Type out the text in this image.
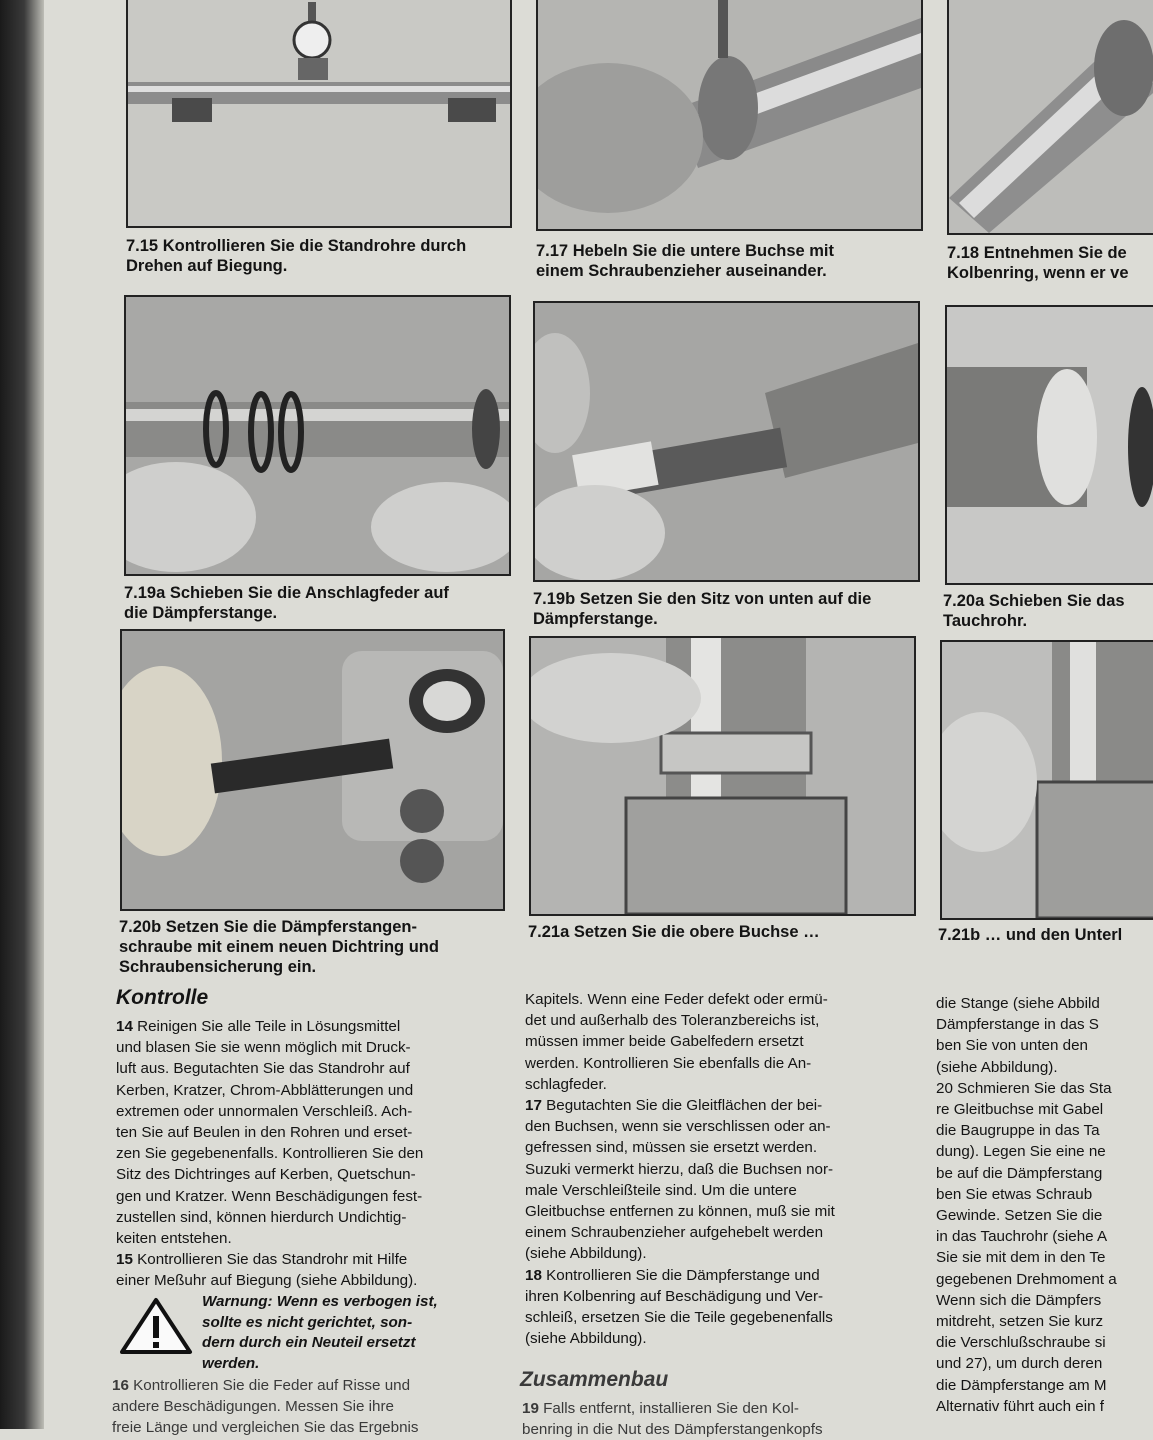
7.15 Kontrollieren Sie die Standrohre durch
Drehen auf Biegung.
7.17 Hebeln Sie die untere Buchse mit
einem Schraubenzieher auseinander.
7.18 Entnehmen Sie de
Kolbenring, wenn er ve
7.19a Schieben Sie die Anschlagfeder auf
die Dämpferstange.
7.19b Setzen Sie den Sitz von unten auf die
Dämpferstange.
7.20a Schieben Sie das
Tauchrohr.
7.20b Setzen Sie die Dämpferstangen-
schraube mit einem neuen Dichtring und
Schraubensicherung ein.
7.21a Setzen Sie die obere Buchse …	7.21b … und den Unterl
Kontrolle

14 Reinigen Sie alle Teile in Lösungsmittel
und blasen Sie sie wenn möglich mit Druck-
luft aus. Begutachten Sie das Standrohr auf
Kerben, Kratzer, Chrom-Abblätterungen und
extremen oder unnormalen Verschleiß. Ach-
ten Sie auf Beulen in den Rohren und erset-
zen Sie gegebenenfalls. Kontrollieren Sie den
Sitz des Dichtringes auf Kerben, Quetschun-
gen und Kratzer. Wenn Beschädigungen fest-
zustellen sind, können hierdurch Undichtig-
keiten entstehen.

15 Kontrollieren Sie das Standrohr mit Hilfe
einer Meßuhr auf Biegung (siehe Abbildung).

Warnung: Wenn es verbogen ist,
sollte es nicht gerichtet, son-
dern durch ein Neuteil ersetzt
werden.

16 Kontrollieren Sie die Feder auf Risse und
andere Beschädigungen. Messen Sie ihre
freie Länge und vergleichen Sie das Ergebnis

Kapitels. Wenn eine Feder defekt oder ermü-
det und außerhalb des Toleranzbereichs ist,
müssen immer beide Gabelfedern ersetzt
werden. Kontrollieren Sie ebenfalls die An-
schlagfeder.

17 Begutachten Sie die Gleitflächen der bei-
den Buchsen, wenn sie verschlissen oder an-
gefressen sind, müssen sie ersetzt werden.
Suzuki vermerkt hierzu, daß die Buchsen nor-
male Verschleißteile sind. Um die untere
Gleitbuchse entfernen zu können, muß sie mit
einem Schraubenzieher aufgehebelt werden
(siehe Abbildung).

18 Kontrollieren Sie die Dämpferstange und
ihren Kolbenring auf Beschädigung und Ver-
schleiß, ersetzen Sie die Teile gegebenenfalls
(siehe Abbildung).

Zusammenbau

19 Falls entfernt, installieren Sie den Kol-
benring in die Nut des Dämpferstangenkopfs

die Stange (siehe Abbild
Dämpferstange in das S
ben Sie von unten den
(siehe Abbildung).
20 Schmieren Sie das Sta
re Gleitbuchse mit Gabel
die Baugruppe in das Ta
dung). Legen Sie eine ne
be auf die Dämpferstang
ben Sie etwas Schraub
Gewinde. Setzen Sie die
in das Tauchrohr (siehe A
Sie sie mit dem in den Te
gegebenen Drehmoment a
Wenn sich die Dämpfers
mitdreht, setzen Sie kurz
die Verschlußschraube si
und 27), um durch deren
die Dämpferstange am M
Alternativ führt auch ein f
